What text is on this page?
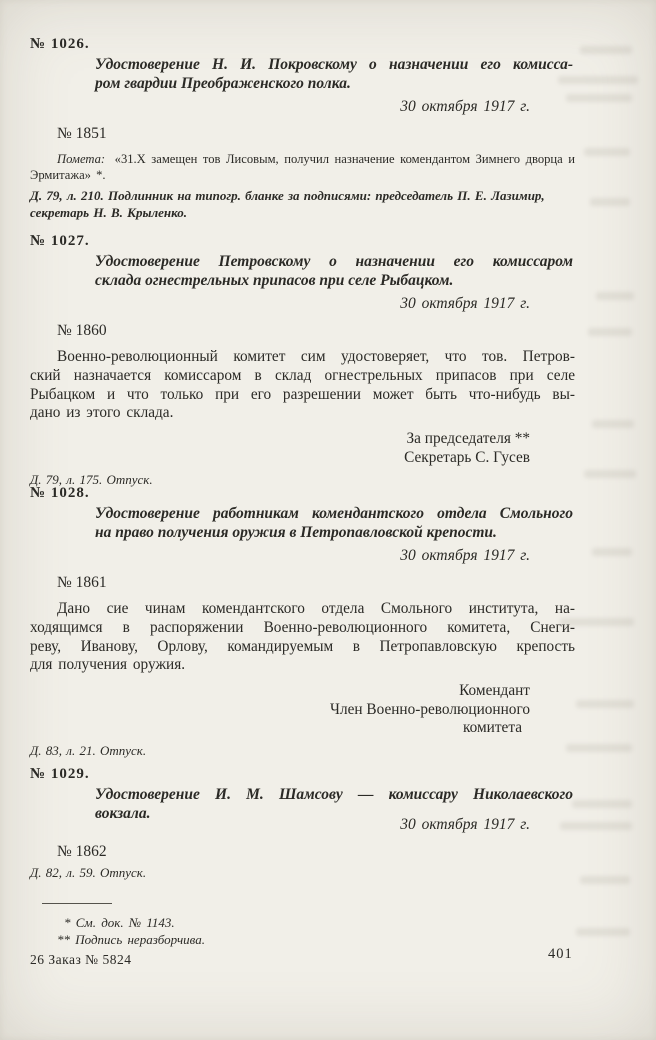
№ 1026.
Удостоверение Н. И. Покровскому о назначении его комисса-
ром гвардии Преображенского полка.
30 октября 1917 г.
№ 1851
Помета: «31.X замещен тов Лисовым, получил назначение комендантом Зимнего дворца и Эрмитажа» *.
Д. 79, л. 210. Подлинник на типогр. бланке за подписями: председатель П. Е. Лазимир, секретарь Н. В. Крыленко.
№ 1027.
Удостоверение Петровскому о назначении его комиссаром
склада огнестрельных припасов при селе Рыбацком.
30 октября 1917 г.
№ 1860
Военно-революционный комитет сим удостоверяет, что тов. Петров-
ский назначается комиссаром в склад огнестрельных припасов при селе
Рыбацком и что только при его разрешении может быть что-нибудь вы-
дано из этого склада.
За председателя **
Секретарь С. Гусев
Д. 79, л. 175. Отпуск.
№ 1028.
Удостоверение работникам комендантского отдела Смольного
на право получения оружия в Петропавловской крепости.
30 октября 1917 г.
№ 1861
Дано сие чинам комендантского отдела Смольного института, на-
ходящимся в распоряжении Военно-революционного комитета, Снеги-
реву, Иванову, Орлову, командируемым в Петропавловскую крепость
для получения оружия.
Комендант
Член Военно-революционного
комитета
Д. 83, л. 21. Отпуск.
№ 1029.
Удостоверение И. М. Шамсову — комиссару Николаевского
вокзала.
30 октября 1917 г.
№ 1862
Д. 82, л. 59. Отпуск.
* См. док. № 1143.
** Подпись неразборчива.
26 Заказ № 5824	401
